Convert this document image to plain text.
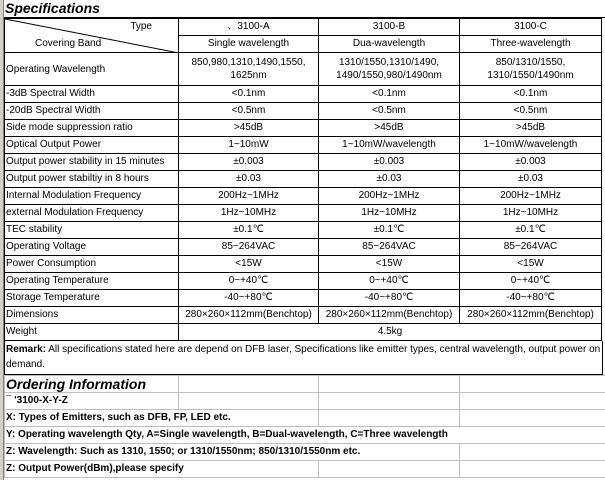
Specifications
Type
Covering Band	、3100-A	3100-B	3100-C
	Single wavelength	Dua-wavelength	Three-wavelength
Operating Wavelength	850,980,1310,1490,1550, 1625nm	1310/1550,1310/1490, 1490/1550,980/1490nm	850/1310/1550, 1310/1550/1490nm
-3dB Spectral Width	<0.1nm	<0.1nm	<0.1nm
-20dB Spectral Width	<0.5nm	<0.5nm	<0.5nm
Side mode suppression ratio	>45dB	>45dB	>45dB
Optical Output Power	1~10mW	1~10mW/wavelength	1~10mW/wavelength
Output power stability in 15 minutes	±0.003	±0.003	±0.003
Output power stabiltiy in 8 hours	±0.03	±0.03	±0.03
Internal Modulation Frequency	200Hz~1MHz	200Hz~1MHz	200Hz~1MHz
external Modulation Frequency	1Hz~10MHz	1Hz~10MHz	1Hz~10MHz
TEC stability	±0.1℃	±0.1℃	±0.1℃
Operating Voltage	85~264VAC	85~264VAC	85~264VAC
Power Consumption	<15W	<15W	<15W
Operating Temperature	0~+40℃	0~+40℃	0~+40℃
Storage Temperature	-40~+80℃	-40~+80℃	-40~+80℃
Dimensions	280×260×112mm(Benchtop)	280×260×112mm(Benchtop)	280×260×112mm(Benchtop)
Weight	4.5kg		
Remark: All specifications stated here are depend on DFB laser, Specifications like emitter types, central wavelength, output power on demand.
Ordering Information			
¯ '3100-X-Y-Z			
X: Types of Emitters, such as DFB, FP, LED etc.			
Y: Operating wavelength Qty, A=Single wavelength, B=Dual-wavelength, C=Three wavelength			
Z: Wavelength: Such as 1310, 1550; or 1310/1550nm; 850/1310/1550nm etc.			
Z: Output Power(dBm),please specify			
